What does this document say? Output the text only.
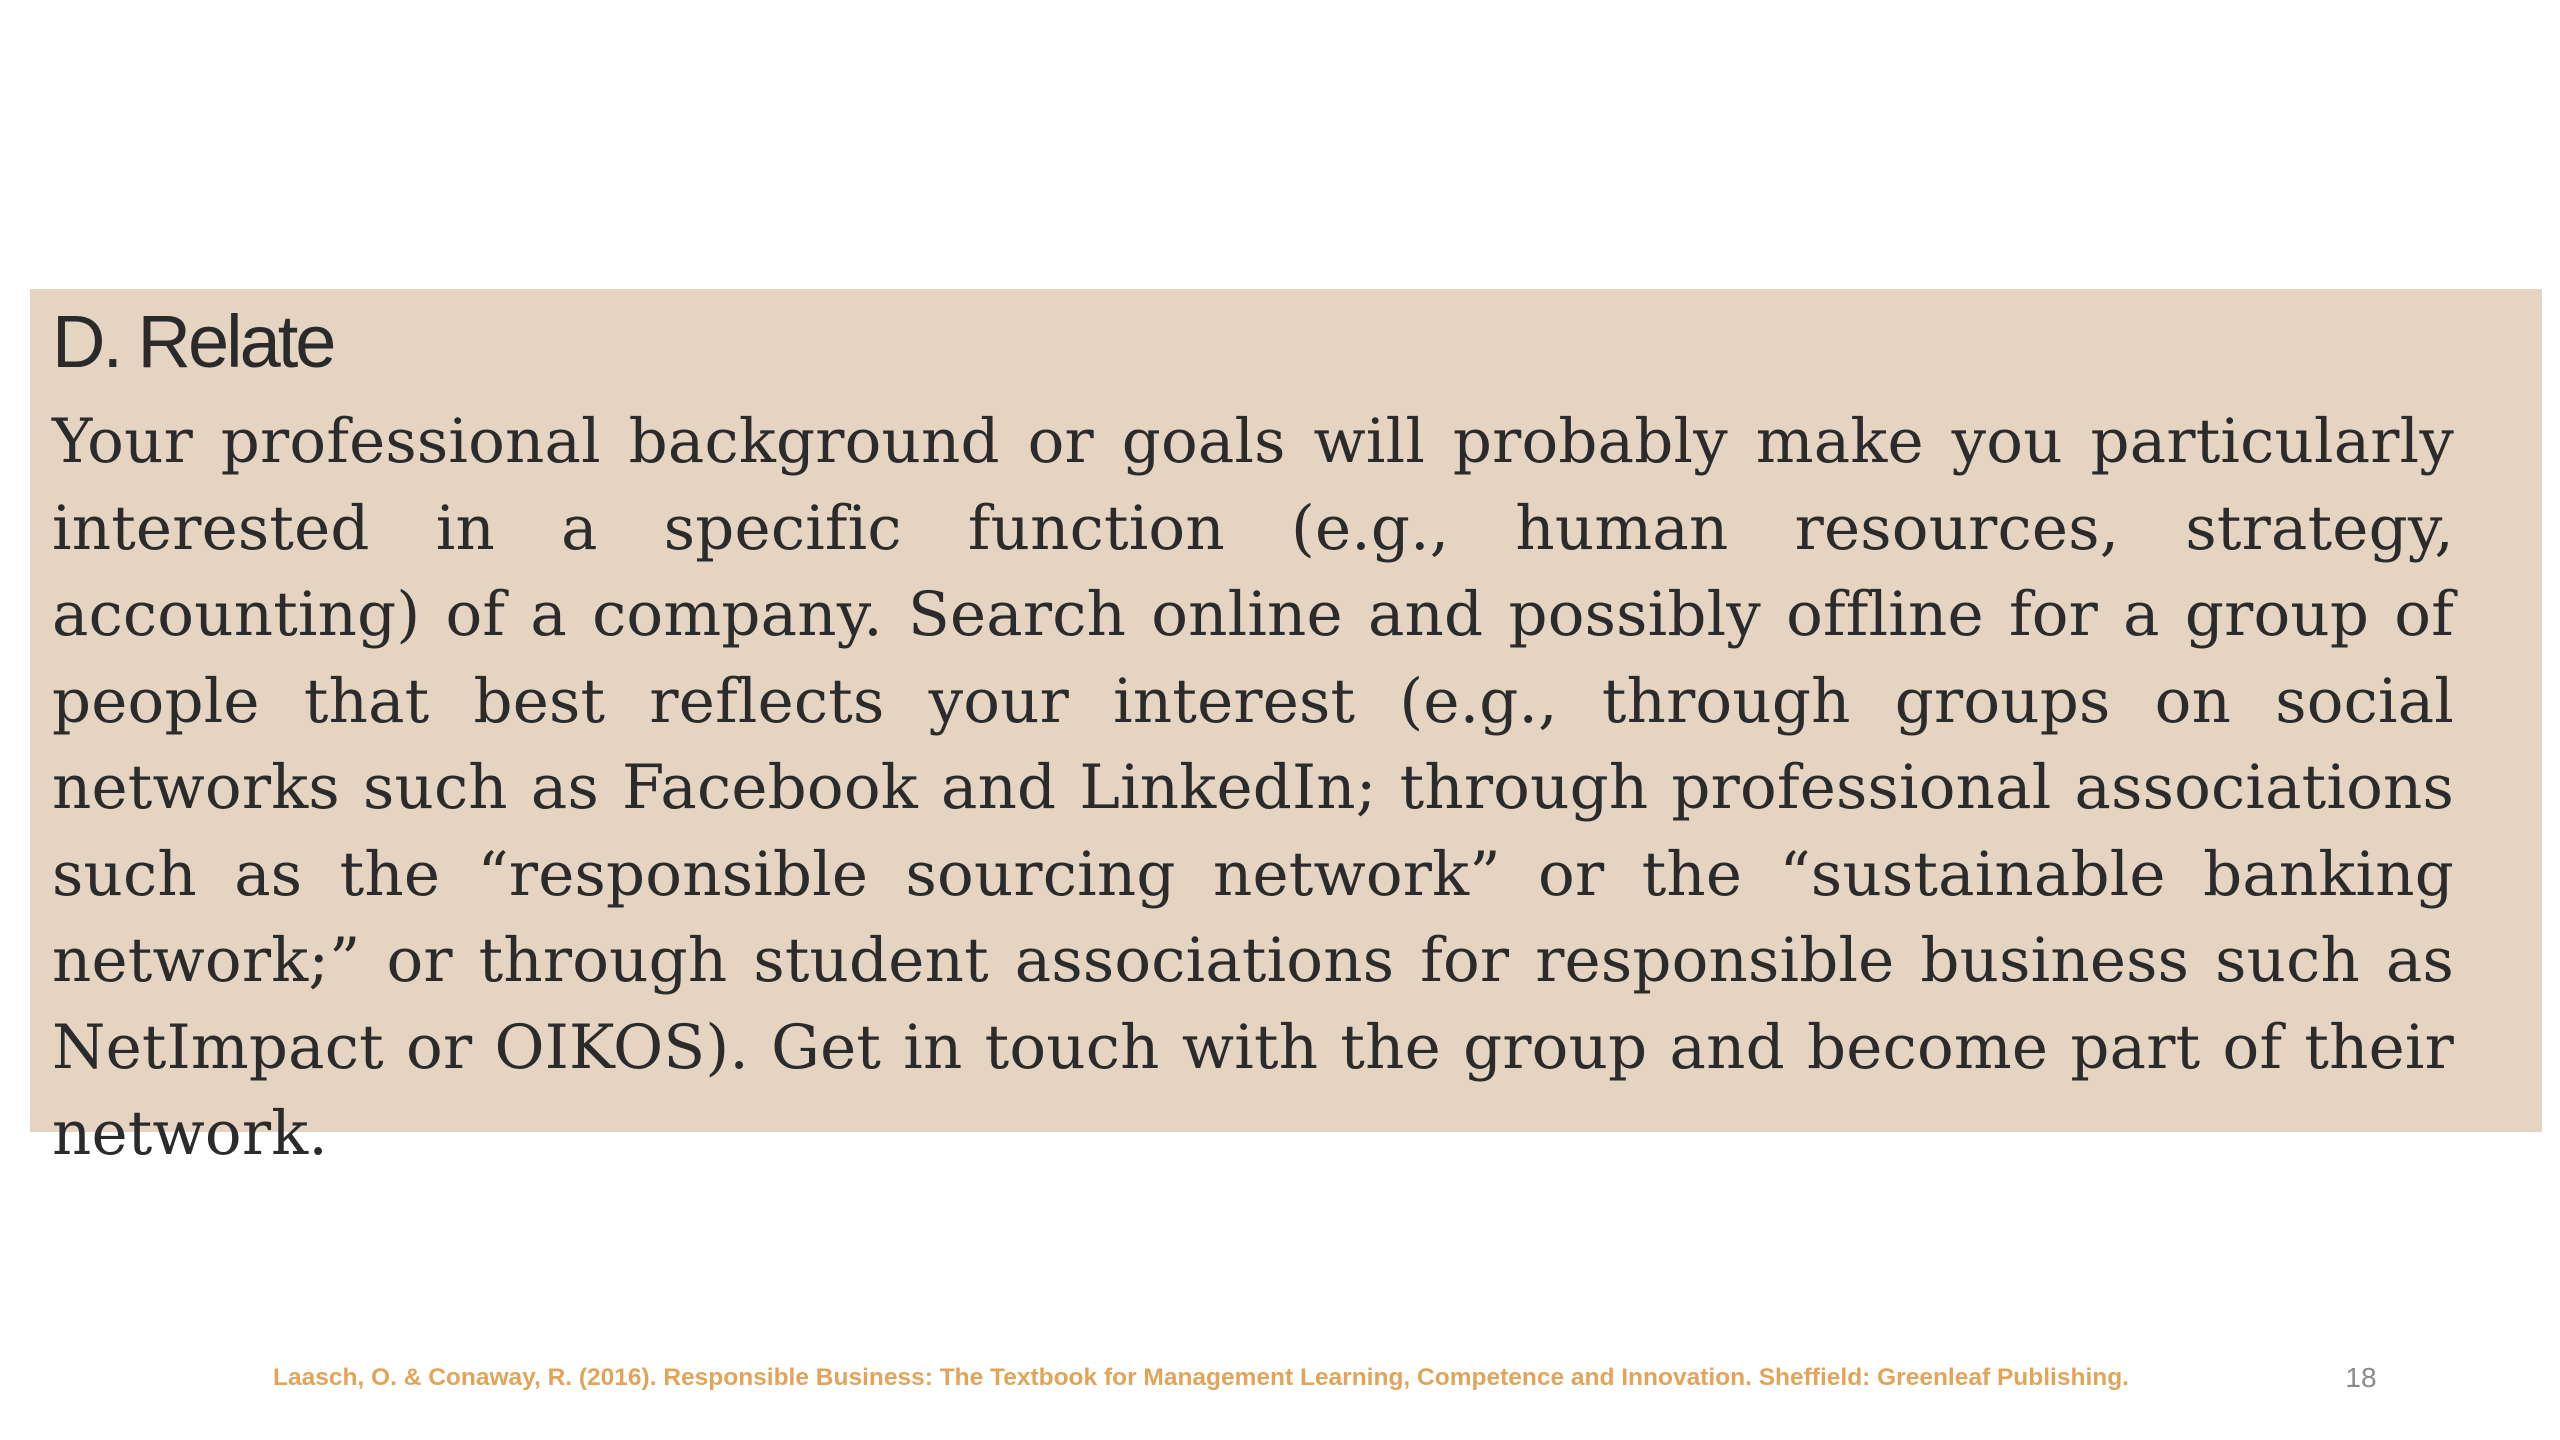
D. Relate
Your professional background or goals will probably make you particularly interested in a specific function (e.g., human resources, strategy, accounting) of a company. Search online and possibly offline for a group of people that best reflects your interest (e.g., through groups on social networks such as Facebook and LinkedIn; through professional associations such as the “responsible sourcing network” or the “sustainable banking network;” or through student associations for responsible business such as NetImpact or OIKOS). Get in touch with the group and become part of their network.
Laasch, O. & Conaway, R. (2016). Responsible Business: The Textbook for Management Learning, Competence and Innovation. Sheffield: Greenleaf Publishing.	18
